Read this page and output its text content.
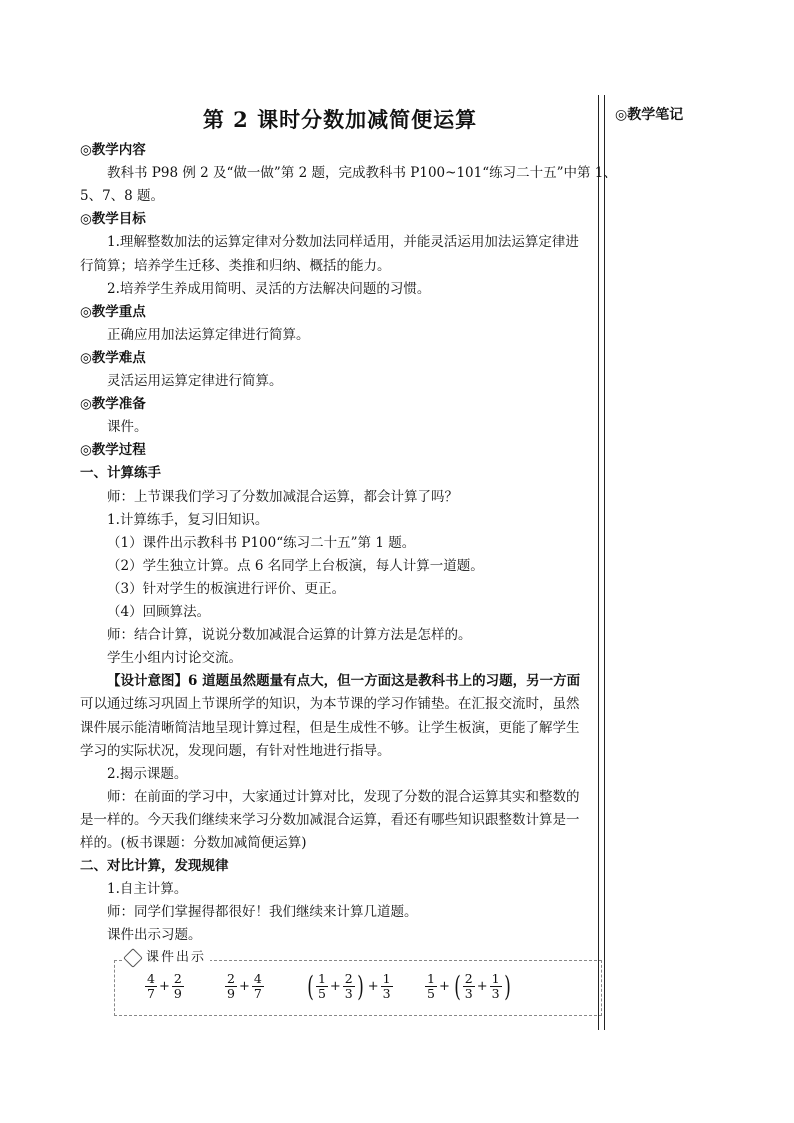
第 2 课时分数加减简便运算	◎教学笔记
◎教学内容
教科书 P98 例 2 及“做一做”第 2 题，完成教科书 P100~101“练习二十五”中第 1、
5、7、8 题。
◎教学目标
1.理解整数加法的运算定律对分数加法同样适用，并能灵活运用加法运算定律进
行简算；培养学生迁移、类推和归纳、概括的能力。
2.培养学生养成用简明、灵活的方法解决问题的习惯。
◎教学重点
正确应用加法运算定律进行简算。
◎教学难点
灵活运用运算定律进行简算。
◎教学准备
课件。
◎教学过程
一、计算练手
师：上节课我们学习了分数加减混合运算，都会计算了吗？
1.计算练手，复习旧知识。
（1）课件出示教科书 P100“练习二十五”第 1 题。
（2）学生独立计算。点 6 名同学上台板演，每人计算一道题。
（3）针对学生的板演进行评价、更正。
（4）回顾算法。
师：结合计算，说说分数加减混合运算的计算方法是怎样的。
学生小组内讨论交流。
【设计意图】6 道题虽然题量有点大，但一方面这是教科书上的习题，另一方面
可以通过练习巩固上节课所学的知识，为本节课的学习作铺垫。在汇报交流时，虽然
课件展示能清晰简洁地呈现计算过程，但是生成性不够。让学生板演，更能了解学生
学习的实际状况，发现问题，有针对性地进行指导。
2.揭示课题。
师：在前面的学习中，大家通过计算对比，发现了分数的混合运算其实和整数的
是一样的。今天我们继续来学习分数加减混合运算，看还有哪些知识跟整数计算是一
样的。(板书课题：分数加减简便运算)
二、对比计算，发现规律
1.自主计算。
师：同学们掌握得都很好！我们继续来计算几道题。
课件出示习题。
课件出示
$\frac{4}{7} + \frac{2}{9}$	$\frac{2}{9} + \frac{4}{7}$ ( $\frac{1}{5} + \frac{2}{3}$ ) + $\frac{1}{3}$	$\frac{1}{5}$ + ( $\frac{2}{3} + \frac{1}{3}$ )
